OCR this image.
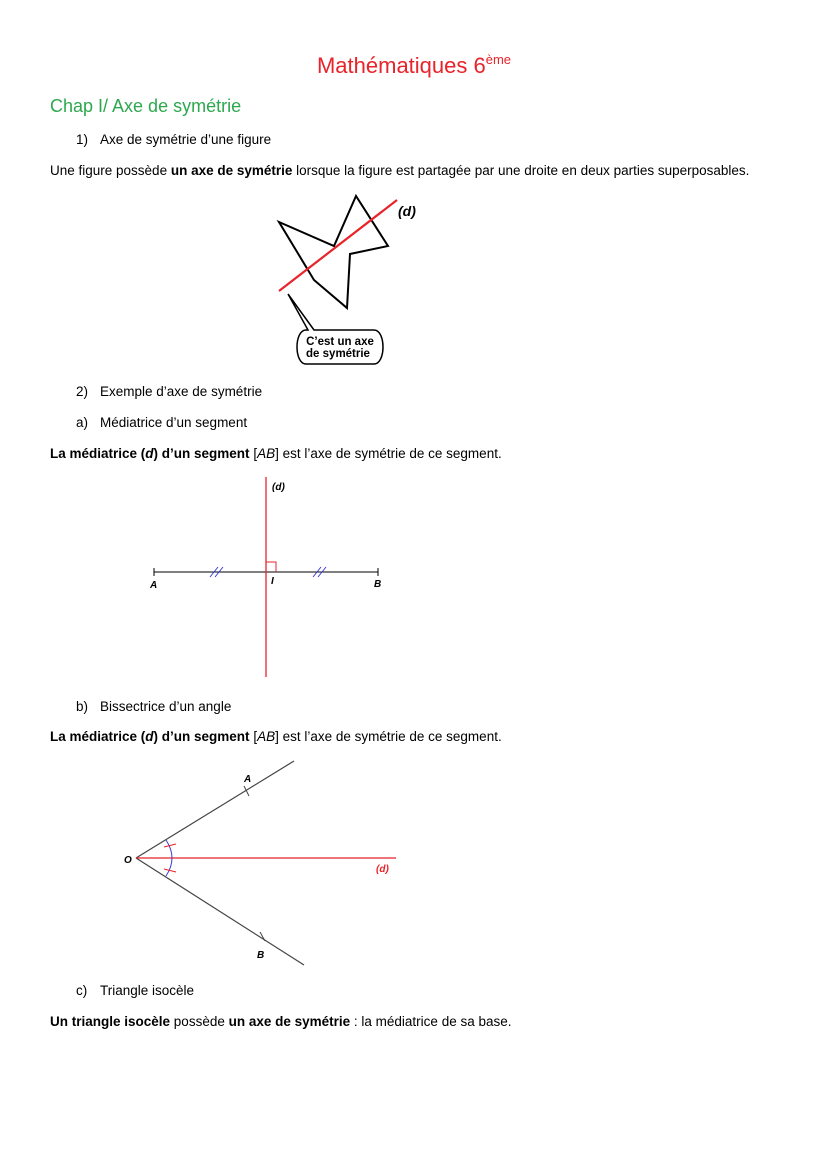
Mathématiques 6ème
Chap I/ Axe de symétrie
1) Axe de symétrie d’une figure
Une figure possède un axe de symétrie lorsque la figure est partagée par une droite en deux parties superposables.
(d)
C’est un axe
de symétrie
2) Exemple d’axe de symétrie
a) Médiatrice d’un segment
La médiatrice (d) d’un segment [AB] est l’axe de symétrie de ce segment.
(d)
A	I	B
b) Bissectrice d’un angle
La médiatrice (d) d’un segment [AB] est l’axe de symétrie de ce segment.
A
O
B
(d)
c) Triangle isocèle
Un triangle isocèle possède un axe de symétrie : la médiatrice de sa base.
